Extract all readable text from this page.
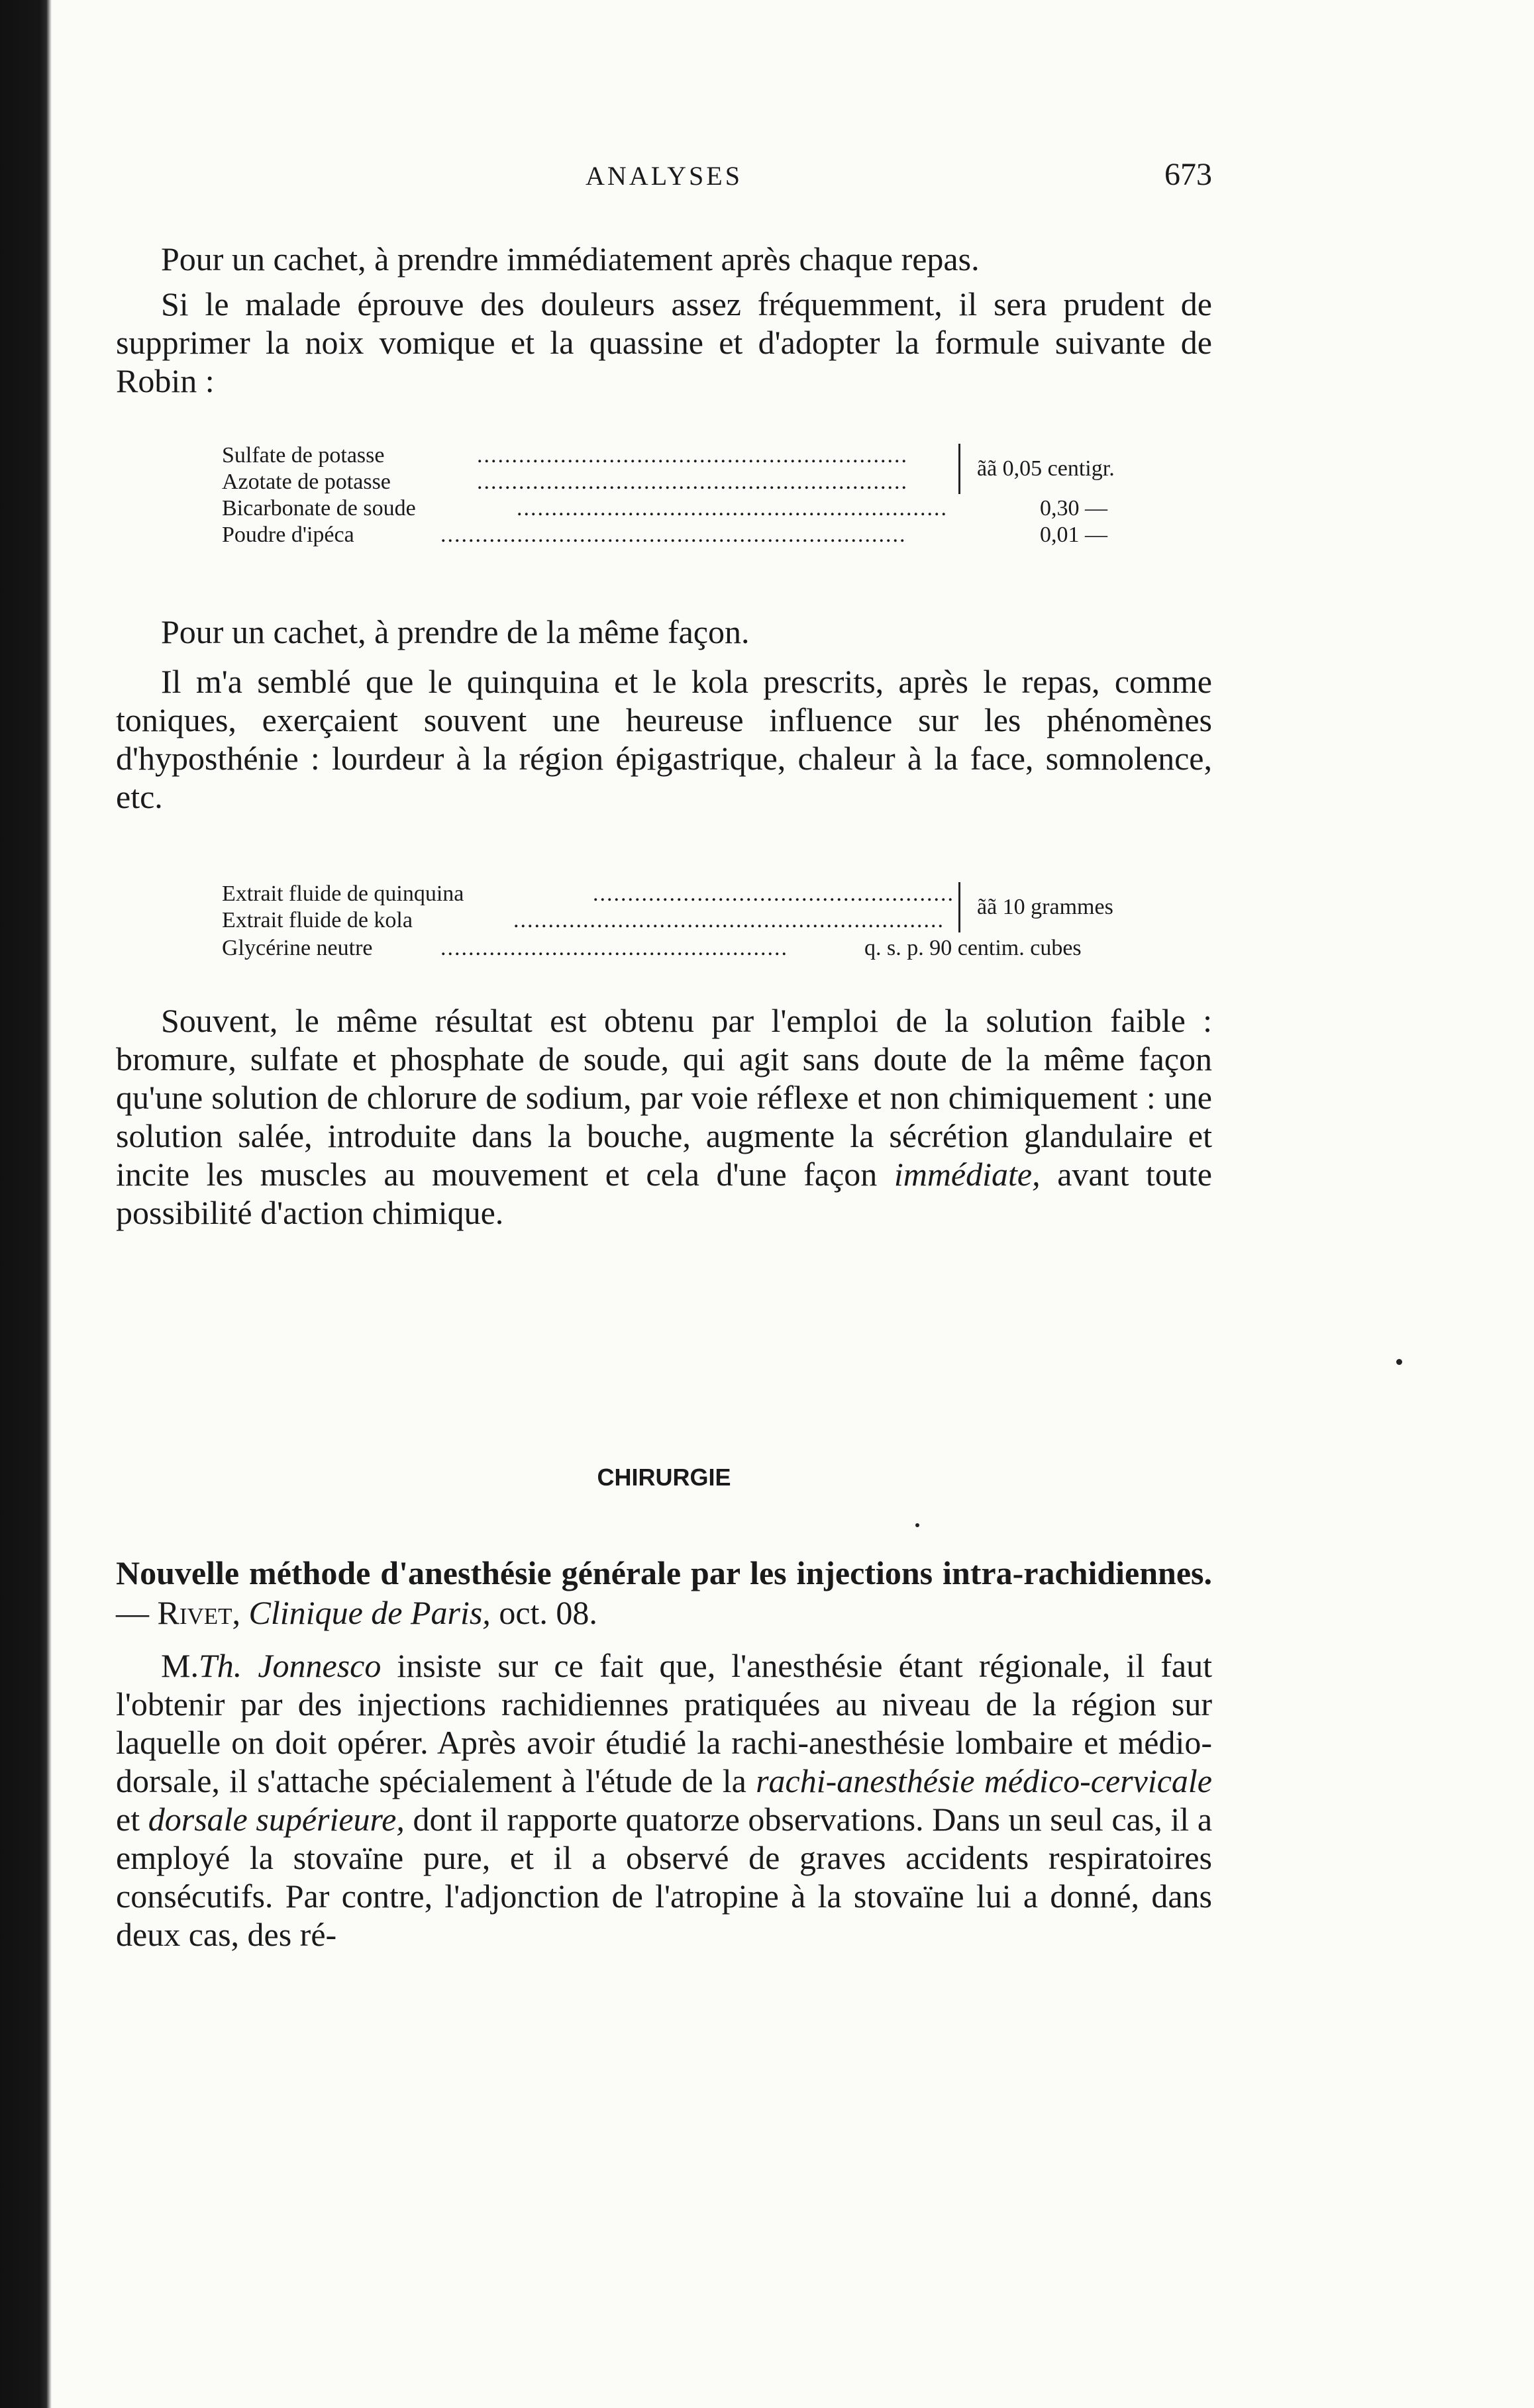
ANALYSES	673

Pour un cachet, à prendre immédiatement après chaque repas.

Si le malade éprouve des douleurs assez fréquemment, il sera prudent de supprimer la noix vomique et la quassine et d'adopter la formule suivante de Robin :

Sulfate de potasse	..............................................................
Azotate de potasse	..............................................................
ãã 0,05 centigr.
Bicarbonate de soude	..............................................................	0,30 —
Poudre d'ipéca	...................................................................	0,01 —

Pour un cachet, à prendre de la même façon.

Il m'a semblé que le quinquina et le kola prescrits, après le repas, comme toniques, exerçaient souvent une heureuse influence sur les phénomènes d'hyposthénie : lourdeur à la région épigastrique, chaleur à la face, somnolence, etc.

Extrait fluide de quinquina	....................................................
Extrait fluide de kola	..............................................................
ãã 10 grammes
Glycérine neutre	..................................................	q. s. p. 90 centim. cubes

Souvent, le même résultat est obtenu par l'emploi de la solution faible : bromure, sulfate et phosphate de soude, qui agit sans doute de la même façon qu'une solution de chlorure de sodium, par voie réflexe et non chimiquement : une solution salée, introduite dans la bouche, augmente la sécrétion glandulaire et incite les muscles au mouvement et cela d'une façon immédiate, avant toute possibilité d'action chimique.

CHIRURGIE

Nouvelle méthode d'anesthésie générale par les injections intra-rachidiennes. — Rivet, Clinique de Paris, oct. 08.

M.Th. Jonnesco insiste sur ce fait que, l'anesthésie étant régionale, il faut l'obtenir par des injections rachidiennes pratiquées au niveau de la région sur laquelle on doit opérer. Après avoir étudié la rachi-anesthésie lombaire et médio-dorsale, il s'attache spécialement à l'étude de la rachi-anesthésie médico-cervicale et dorsale supérieure, dont il rapporte quatorze observations. Dans un seul cas, il a employé la stovaïne pure, et il a observé de graves accidents respiratoires consécutifs. Par contre, l'adjonction de l'atropine à la stovaïne lui a donné, dans deux cas, des ré-
